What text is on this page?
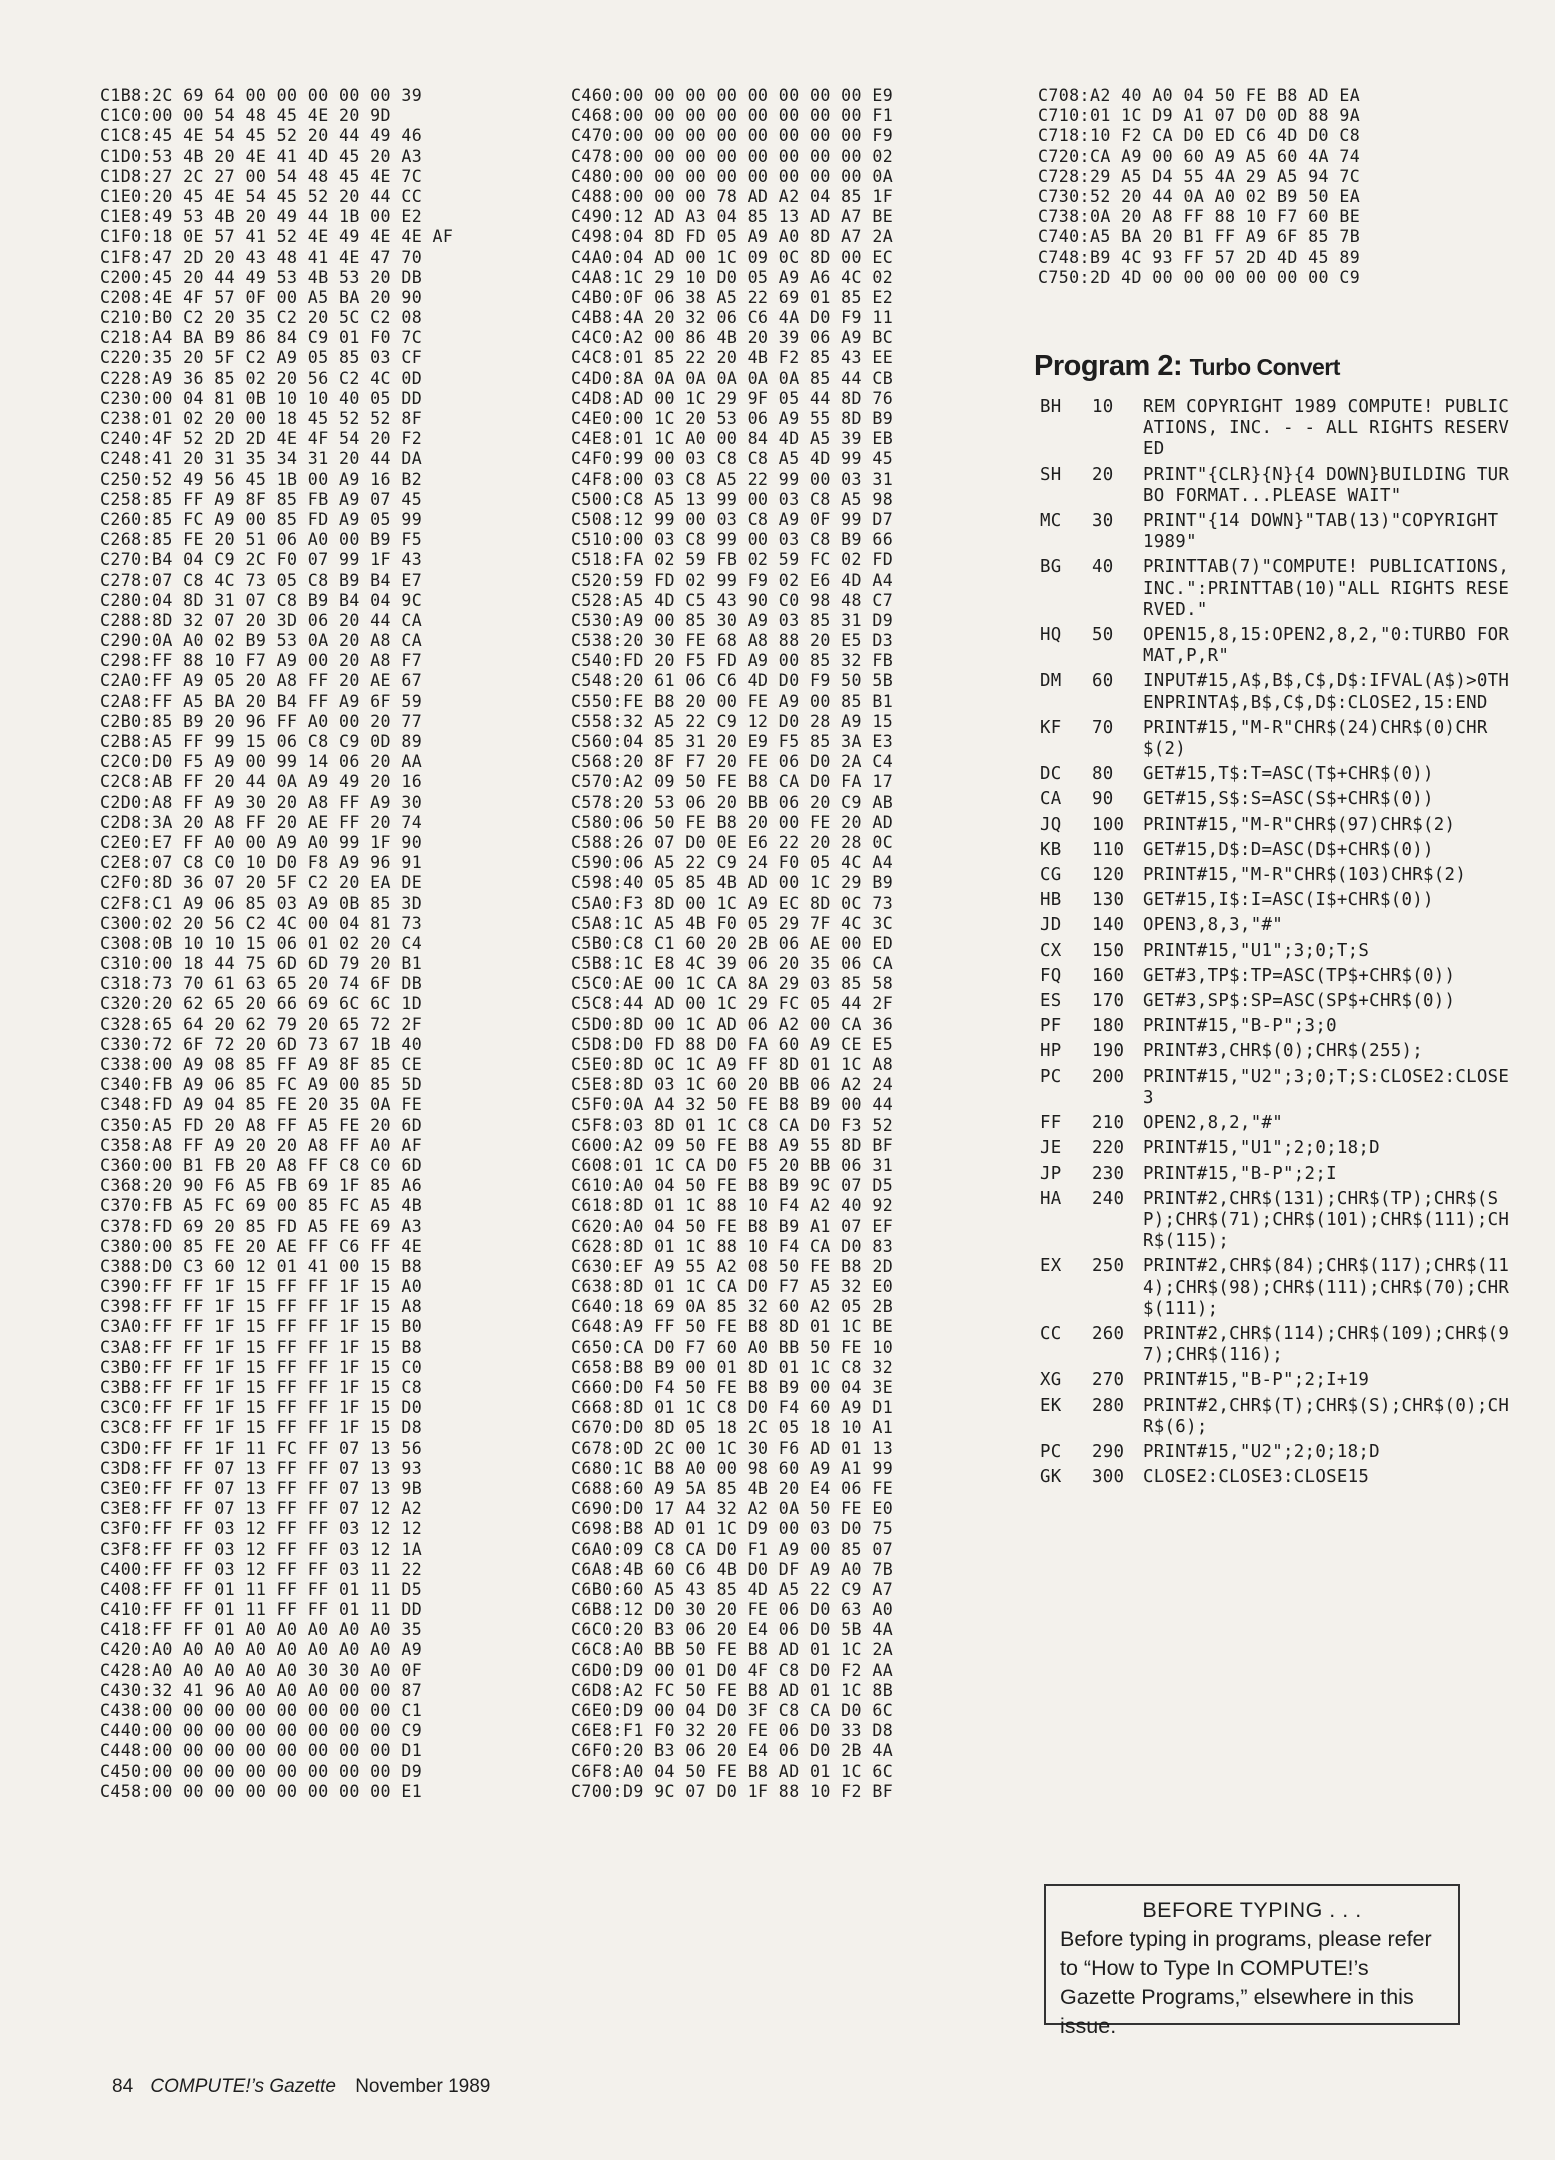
C1B8:2C 69 64 00 00 00 00 00 39
C1C0:00 00 54 48 45 4E 20 9D
C1C8:45 4E 54 45 52 20 44 49 46
C1D0:53 4B 20 4E 41 4D 45 20 A3
C1D8:27 2C 27 00 54 48 45 4E 7C
C1E0:20 45 4E 54 45 52 20 44 CC
C1E8:49 53 4B 20 49 44 1B 00 E2
C1F0:18 0E 57 41 52 4E 49 4E 4E AF
C1F8:47 2D 20 43 48 41 4E 47 70
C200:45 20 44 49 53 4B 53 20 DB
C208:4E 4F 57 0F 00 A5 BA 20 90
C210:B0 C2 20 35 C2 20 5C C2 08
C218:A4 BA B9 86 84 C9 01 F0 7C
C220:35 20 5F C2 A9 05 85 03 CF
C228:A9 36 85 02 20 56 C2 4C 0D
C230:00 04 81 0B 10 10 40 05 DD
C238:01 02 20 00 18 45 52 52 8F
C240:4F 52 2D 2D 4E 4F 54 20 F2
C248:41 20 31 35 34 31 20 44 DA
C250:52 49 56 45 1B 00 A9 16 B2
C258:85 FF A9 8F 85 FB A9 07 45
C260:85 FC A9 00 85 FD A9 05 99
C268:85 FE 20 51 06 A0 00 B9 F5
C270:B4 04 C9 2C F0 07 99 1F 43
C278:07 C8 4C 73 05 C8 B9 B4 E7
C280:04 8D 31 07 C8 B9 B4 04 9C
C288:8D 32 07 20 3D 06 20 44 CA
C290:0A A0 02 B9 53 0A 20 A8 CA
C298:FF 88 10 F7 A9 00 20 A8 F7
C2A0:FF A9 05 20 A8 FF 20 AE 67
C2A8:FF A5 BA 20 B4 FF A9 6F 59
C2B0:85 B9 20 96 FF A0 00 20 77
C2B8:A5 FF 99 15 06 C8 C9 0D 89
C2C0:D0 F5 A9 00 99 14 06 20 AA
C2C8:AB FF 20 44 0A A9 49 20 16
C2D0:A8 FF A9 30 20 A8 FF A9 30
C2D8:3A 20 A8 FF 20 AE FF 20 74
C2E0:E7 FF A0 00 A9 A0 99 1F 90
C2E8:07 C8 C0 10 D0 F8 A9 96 91
C2F0:8D 36 07 20 5F C2 20 EA DE
C2F8:C1 A9 06 85 03 A9 0B 85 3D
C300:02 20 56 C2 4C 00 04 81 73
C308:0B 10 10 15 06 01 02 20 C4
C310:00 18 44 75 6D 6D 79 20 B1
C318:73 70 61 63 65 20 74 6F DB
C320:20 62 65 20 66 69 6C 6C 1D
C328:65 64 20 62 79 20 65 72 2F
C330:72 6F 72 20 6D 73 67 1B 40
C338:00 A9 08 85 FF A9 8F 85 CE
C340:FB A9 06 85 FC A9 00 85 5D
C348:FD A9 04 85 FE 20 35 0A FE
C350:A5 FD 20 A8 FF A5 FE 20 6D
C358:A8 FF A9 20 20 A8 FF A0 AF
C360:00 B1 FB 20 A8 FF C8 C0 6D
C368:20 90 F6 A5 FB 69 1F 85 A6
C370:FB A5 FC 69 00 85 FC A5 4B
C378:FD 69 20 85 FD A5 FE 69 A3
C380:00 85 FE 20 AE FF C6 FF 4E
C388:D0 C3 60 12 01 41 00 15 B8
C390:FF FF 1F 15 FF FF 1F 15 A0
C398:FF FF 1F 15 FF FF 1F 15 A8
C3A0:FF FF 1F 15 FF FF 1F 15 B0
C3A8:FF FF 1F 15 FF FF 1F 15 B8
C3B0:FF FF 1F 15 FF FF 1F 15 C0
C3B8:FF FF 1F 15 FF FF 1F 15 C8
C3C0:FF FF 1F 15 FF FF 1F 15 D0
C3C8:FF FF 1F 15 FF FF 1F 15 D8
C3D0:FF FF 1F 11 FC FF 07 13 56
C3D8:FF FF 07 13 FF FF 07 13 93
C3E0:FF FF 07 13 FF FF 07 13 9B
C3E8:FF FF 07 13 FF FF 07 12 A2
C3F0:FF FF 03 12 FF FF 03 12 12
C3F8:FF FF 03 12 FF FF 03 12 1A
C400:FF FF 03 12 FF FF 03 11 22
C408:FF FF 01 11 FF FF 01 11 D5
C410:FF FF 01 11 FF FF 01 11 DD
C418:FF FF 01 A0 A0 A0 A0 A0 35
C420:A0 A0 A0 A0 A0 A0 A0 A0 A9
C428:A0 A0 A0 A0 A0 30 30 A0 0F
C430:32 41 96 A0 A0 A0 00 00 87
C438:00 00 00 00 00 00 00 00 C1
C440:00 00 00 00 00 00 00 00 C9
C448:00 00 00 00 00 00 00 00 D1
C450:00 00 00 00 00 00 00 00 D9
C458:00 00 00 00 00 00 00 00 E1
C460:00 00 00 00 00 00 00 00 E9
C468:00 00 00 00 00 00 00 00 F1
C470:00 00 00 00 00 00 00 00 F9
C478:00 00 00 00 00 00 00 00 02
C480:00 00 00 00 00 00 00 00 0A
C488:00 00 00 78 AD A2 04 85 1F
C490:12 AD A3 04 85 13 AD A7 BE
C498:04 8D FD 05 A9 A0 8D A7 2A
C4A0:04 AD 00 1C 09 0C 8D 00 EC
C4A8:1C 29 10 D0 05 A9 A6 4C 02
C4B0:0F 06 38 A5 22 69 01 85 E2
C4B8:4A 20 32 06 C6 4A D0 F9 11
C4C0:A2 00 86 4B 20 39 06 A9 BC
C4C8:01 85 22 20 4B F2 85 43 EE
C4D0:8A 0A 0A 0A 0A 0A 85 44 CB
C4D8:AD 00 1C 29 9F 05 44 8D 76
C4E0:00 1C 20 53 06 A9 55 8D B9
C4E8:01 1C A0 00 84 4D A5 39 EB
C4F0:99 00 03 C8 C8 A5 4D 99 45
C4F8:00 03 C8 A5 22 99 00 03 31
C500:C8 A5 13 99 00 03 C8 A5 98
C508:12 99 00 03 C8 A9 0F 99 D7
C510:00 03 C8 99 00 03 C8 B9 66
C518:FA 02 59 FB 02 59 FC 02 FD
C520:59 FD 02 99 F9 02 E6 4D A4
C528:A5 4D C5 43 90 C0 98 48 C7
C530:A9 00 85 30 A9 03 85 31 D9
C538:20 30 FE 68 A8 88 20 E5 D3
C540:FD 20 F5 FD A9 00 85 32 FB
C548:20 61 06 C6 4D D0 F9 50 5B
C550:FE B8 20 00 FE A9 00 85 B1
C558:32 A5 22 C9 12 D0 28 A9 15
C560:04 85 31 20 E9 F5 85 3A E3
C568:20 8F F7 20 FE 06 D0 2A C4
C570:A2 09 50 FE B8 CA D0 FA 17
C578:20 53 06 20 BB 06 20 C9 AB
C580:06 50 FE B8 20 00 FE 20 AD
C588:26 07 D0 0E E6 22 20 28 0C
C590:06 A5 22 C9 24 F0 05 4C A4
C598:40 05 85 4B AD 00 1C 29 B9
C5A0:F3 8D 00 1C A9 EC 8D 0C 73
C5A8:1C A5 4B F0 05 29 7F 4C 3C
C5B0:C8 C1 60 20 2B 06 AE 00 ED
C5B8:1C E8 4C 39 06 20 35 06 CA
C5C0:AE 00 1C CA 8A 29 03 85 58
C5C8:44 AD 00 1C 29 FC 05 44 2F
C5D0:8D 00 1C AD 06 A2 00 CA 36
C5D8:D0 FD 88 D0 FA 60 A9 CE E5
C5E0:8D 0C 1C A9 FF 8D 01 1C A8
C5E8:8D 03 1C 60 20 BB 06 A2 24
C5F0:0A A4 32 50 FE B8 B9 00 44
C5F8:03 8D 01 1C C8 CA D0 F3 52
C600:A2 09 50 FE B8 A9 55 8D BF
C608:01 1C CA D0 F5 20 BB 06 31
C610:A0 04 50 FE B8 B9 9C 07 D5
C618:8D 01 1C 88 10 F4 A2 40 92
C620:A0 04 50 FE B8 B9 A1 07 EF
C628:8D 01 1C 88 10 F4 CA D0 83
C630:EF A9 55 A2 08 50 FE B8 2D
C638:8D 01 1C CA D0 F7 A5 32 E0
C640:18 69 0A 85 32 60 A2 05 2B
C648:A9 FF 50 FE B8 8D 01 1C BE
C650:CA D0 F7 60 A0 BB 50 FE 10
C658:B8 B9 00 01 8D 01 1C C8 32
C660:D0 F4 50 FE B8 B9 00 04 3E
C668:8D 01 1C C8 D0 F4 60 A9 D1
C670:D0 8D 05 18 2C 05 18 10 A1
C678:0D 2C 00 1C 30 F6 AD 01 13
C680:1C B8 A0 00 98 60 A9 A1 99
C688:60 A9 5A 85 4B 20 E4 06 FE
C690:D0 17 A4 32 A2 0A 50 FE E0
C698:B8 AD 01 1C D9 00 03 D0 75
C6A0:09 C8 CA D0 F1 A9 00 85 07
C6A8:4B 60 C6 4B D0 DF A9 A0 7B
C6B0:60 A5 43 85 4D A5 22 C9 A7
C6B8:12 D0 30 20 FE 06 D0 63 A0
C6C0:20 B3 06 20 E4 06 D0 5B 4A
C6C8:A0 BB 50 FE B8 AD 01 1C 2A
C6D0:D9 00 01 D0 4F C8 D0 F2 AA
C6D8:A2 FC 50 FE B8 AD 01 1C 8B
C6E0:D9 00 04 D0 3F C8 CA D0 6C
C6E8:F1 F0 32 20 FE 06 D0 33 D8
C6F0:20 B3 06 20 E4 06 D0 2B 4A
C6F8:A0 04 50 FE B8 AD 01 1C 6C
C700:D9 9C 07 D0 1F 88 10 F2 BF
C708:A2 40 A0 04 50 FE B8 AD EA
C710:01 1C D9 A1 07 D0 0D 88 9A
C718:10 F2 CA D0 ED C6 4D D0 C8
C720:CA A9 00 60 A9 A5 60 4A 74
C728:29 A5 D4 55 4A 29 A5 94 7C
C730:52 20 44 0A A0 02 B9 50 EA
C738:0A 20 A8 FF 88 10 F7 60 BE
C740:A5 BA 20 B1 FF A9 6F 85 7B
C748:B9 4C 93 FF 57 2D 4D 45 89
C750:2D 4D 00 00 00 00 00 00 C9
Program 2: Turbo Convert
BH	10	REM COPYRIGHT 1989 COMPUTE! PUBLICATIONS, INC. - - ALL RIGHTS RESERVED
SH	20	PRINT"{CLR}{N}{4 DOWN}BUILDING TURBO FORMAT...PLEASE WAIT"
MC	30	PRINT"{14 DOWN}"TAB(13)"COPYRIGHT 1989"
BG	40	PRINTTAB(7)"COMPUTE! PUBLICATIONS, INC.":PRINTTAB(10)"ALL RIGHTS RESERVED."
HQ	50	OPEN15,8,15:OPEN2,8,2,"0:TURBO FORMAT,P,R"
DM	60	INPUT#15,A$,B$,C$,D$:IFVAL(A$)>0THENPRINTA$,B$,C$,D$:CLOSE2,15:END
KF	70	PRINT#15,"M-R"CHR$(24)CHR$(0)CHR$(2)
DC	80	GET#15,T$:T=ASC(T$+CHR$(0))
CA	90	GET#15,S$:S=ASC(S$+CHR$(0))
JQ	100	PRINT#15,"M-R"CHR$(97)CHR$(2)
KB	110	GET#15,D$:D=ASC(D$+CHR$(0))
CG	120	PRINT#15,"M-R"CHR$(103)CHR$(2)
HB	130	GET#15,I$:I=ASC(I$+CHR$(0))
JD	140	OPEN3,8,3,"#"
CX	150	PRINT#15,"U1";3;0;T;S
FQ	160	GET#3,TP$:TP=ASC(TP$+CHR$(0))
ES	170	GET#3,SP$:SP=ASC(SP$+CHR$(0))
PF	180	PRINT#15,"B-P";3;0
HP	190	PRINT#3,CHR$(0);CHR$(255);
PC	200	PRINT#15,"U2";3;0;T;S:CLOSE2:CLOSE3
FF	210	OPEN2,8,2,"#"
JE	220	PRINT#15,"U1";2;0;18;D
JP	230	PRINT#15,"B-P";2;I
HA	240	PRINT#2,CHR$(131);CHR$(TP);CHR$(SP);CHR$(71);CHR$(101);CHR$(111);CHR$(115);
EX	250	PRINT#2,CHR$(84);CHR$(117);CHR$(114);CHR$(98);CHR$(111);CHR$(70);CHR$(111);
CC	260	PRINT#2,CHR$(114);CHR$(109);CHR$(97);CHR$(116);
XG	270	PRINT#15,"B-P";2;I+19
EK	280	PRINT#2,CHR$(T);CHR$(S);CHR$(0);CHR$(6);
PC	290	PRINT#15,"U2";2;0;18;D
GK	300	CLOSE2:CLOSE3:CLOSE15
BEFORE TYPING . . .
Before typing in programs, please refer to “How to Type In COMPUTE!’s Gazette Programs,” elsewhere in this issue.
84 COMPUTE!’s Gazette November 1989
